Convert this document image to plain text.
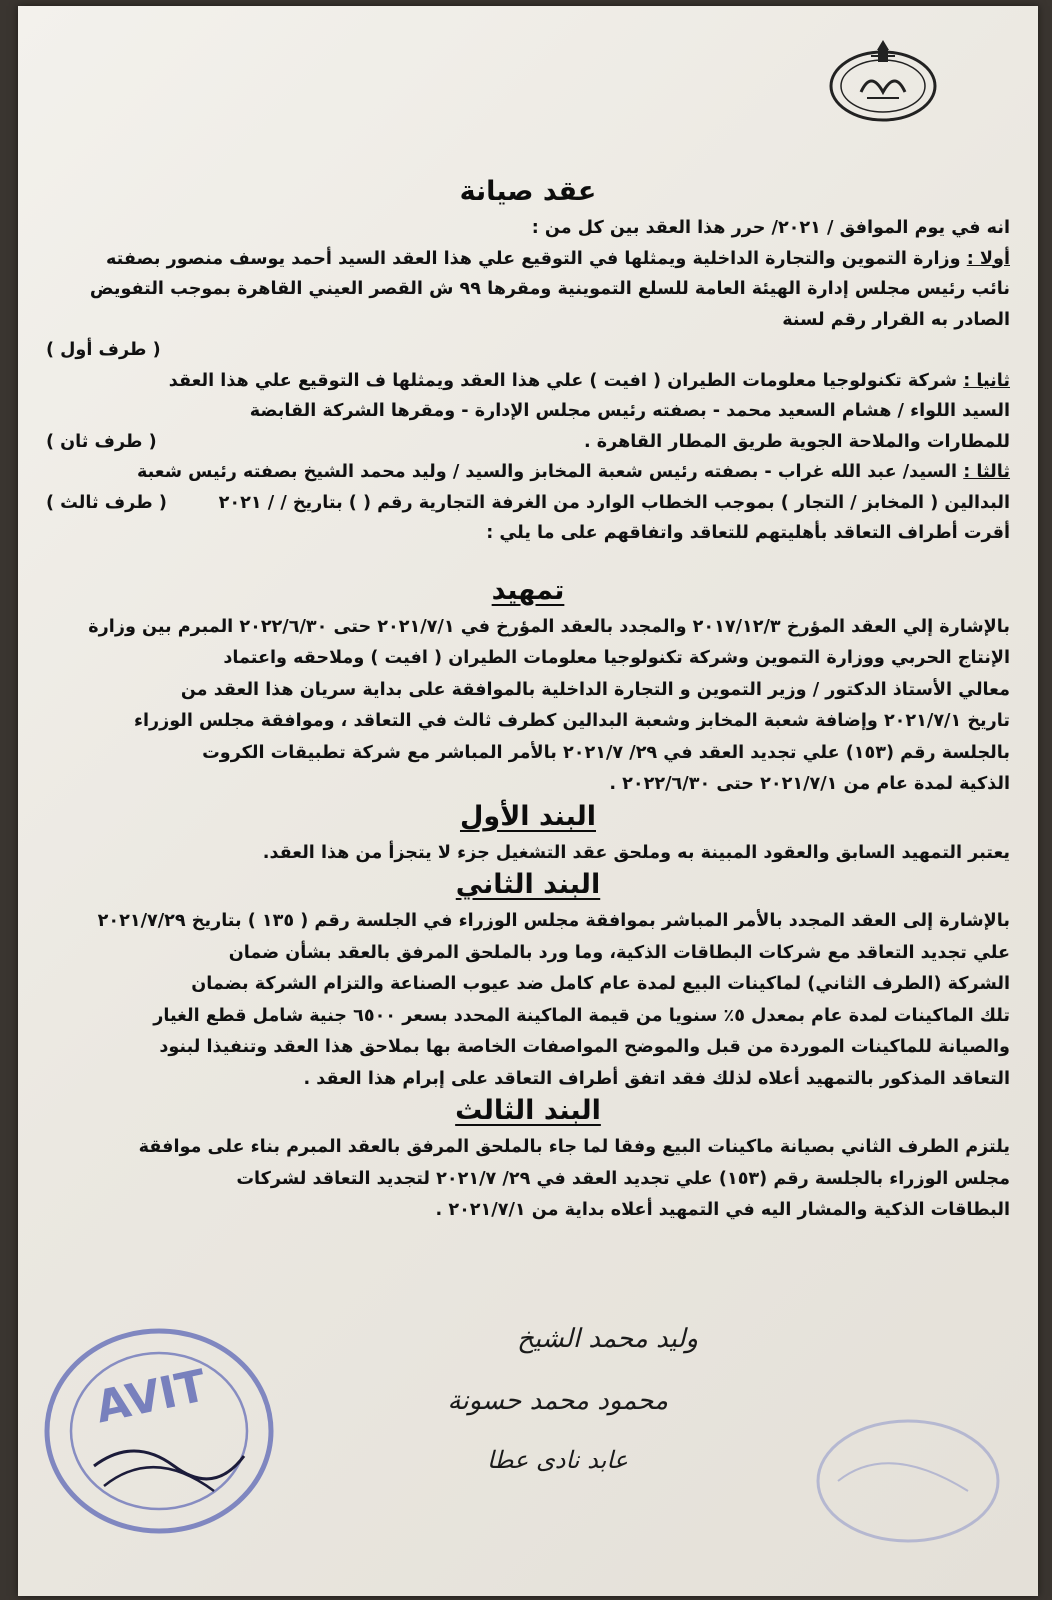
عقد صيانة
انه في يوم الموافق / ٢٠٢١/ حرر هذا العقد بين كل من :
أولا : وزارة التموين والتجارة الداخلية ويمثلها في التوقيع علي هذا العقد السيد أحمد يوسف منصور بصفته
نائب رئيس مجلس إدارة الهيئة العامة للسلع التموينية ومقرها ٩٩ ش القصر العيني القاهرة بموجب التفويض
الصادر به القرار رقم لسنة
( طرف أول )
ثانيا : شركة تكنولوجيا معلومات الطيران ( افيت ) علي هذا العقد ويمثلها ف التوقيع علي هذا العقد
السيد اللواء / هشام السعيد محمد - بصفته رئيس مجلس الإدارة - ومقرها الشركة القابضة
للمطارات والملاحة الجوية طريق المطار القاهرة .
( طرف ثان )
ثالثا : السيد/ عبد الله غراب - بصفته رئيس شعبة المخابز والسيد / وليد محمد الشيخ بصفته رئيس شعبة
البدالين ( المخابز / التجار ) بموجب الخطاب الوارد من الغرفة التجارية رقم ( ) بتاريخ / / ٢٠٢١
( طرف ثالث )
أقرت أطراف التعاقد بأهليتهم للتعاقد واتفاقهم على ما يلي :
تمهيد
بالإشارة إلي العقد المؤرخ ٢٠١٧/١٢/٣ والمجدد بالعقد المؤرخ في ٢٠٢١/٧/١ حتى ٢٠٢٢/٦/٣٠ المبرم بين وزارة
الإنتاج الحربي ووزارة التموين وشركة تكنولوجيا معلومات الطيران ( افيت ) وملاحقه واعتماد
معالي الأستاذ الدكتور / وزير التموين و التجارة الداخلية بالموافقة على بداية سريان هذا العقد من
تاريخ ٢٠٢١/٧/١ وإضافة شعبة المخابز وشعبة البدالين كطرف ثالث في التعاقد ، وموافقة مجلس الوزراء
بالجلسة رقم (١٥٣) علي تجديد العقد في ٢٩/ ٢٠٢١/٧ بالأمر المباشر مع شركة تطبيقات الكروت
الذكية لمدة عام من ٢٠٢١/٧/١ حتى ٢٠٢٢/٦/٣٠ .
البند الأول
يعتبر التمهيد السابق والعقود المبينة به وملحق عقد التشغيل جزء لا يتجزأ من هذا العقد.
البند الثاني
بالإشارة إلى العقد المجدد بالأمر المباشر بموافقة مجلس الوزراء في الجلسة رقم ( ١٣٥ ) بتاريخ ٢٠٢١/٧/٢٩
علي تجديد التعاقد مع شركات البطاقات الذكية، وما ورد بالملحق المرفق بالعقد بشأن ضمان
الشركة (الطرف الثاني) لماكينات البيع لمدة عام كامل ضد عيوب الصناعة والتزام الشركة بضمان
تلك الماكينات لمدة عام بمعدل ٥٪ سنويا من قيمة الماكينة المحدد بسعر ٦٥٠٠ جنية شامل قطع الغيار
والصيانة للماكينات الموردة من قبل والموضح المواصفات الخاصة بها بملاحق هذا العقد وتنفيذا لبنود
التعاقد المذكور بالتمهيد أعلاه لذلك فقد اتفق أطراف التعاقد على إبرام هذا العقد .
البند الثالث
يلتزم الطرف الثاني بصيانة ماكينات البيع وفقا لما جاء بالملحق المرفق بالعقد المبرم بناء على موافقة
مجلس الوزراء بالجلسة رقم (١٥٣) علي تجديد العقد في ٢٩/ ٢٠٢١/٧ لتجديد التعاقد لشركات
البطاقات الذكية والمشار اليه في التمهيد أعلاه بداية من ٢٠٢١/٧/١ .
AVIT
وليد محمد الشيخ
محمود محمد حسونة
عابد نادى عطا
